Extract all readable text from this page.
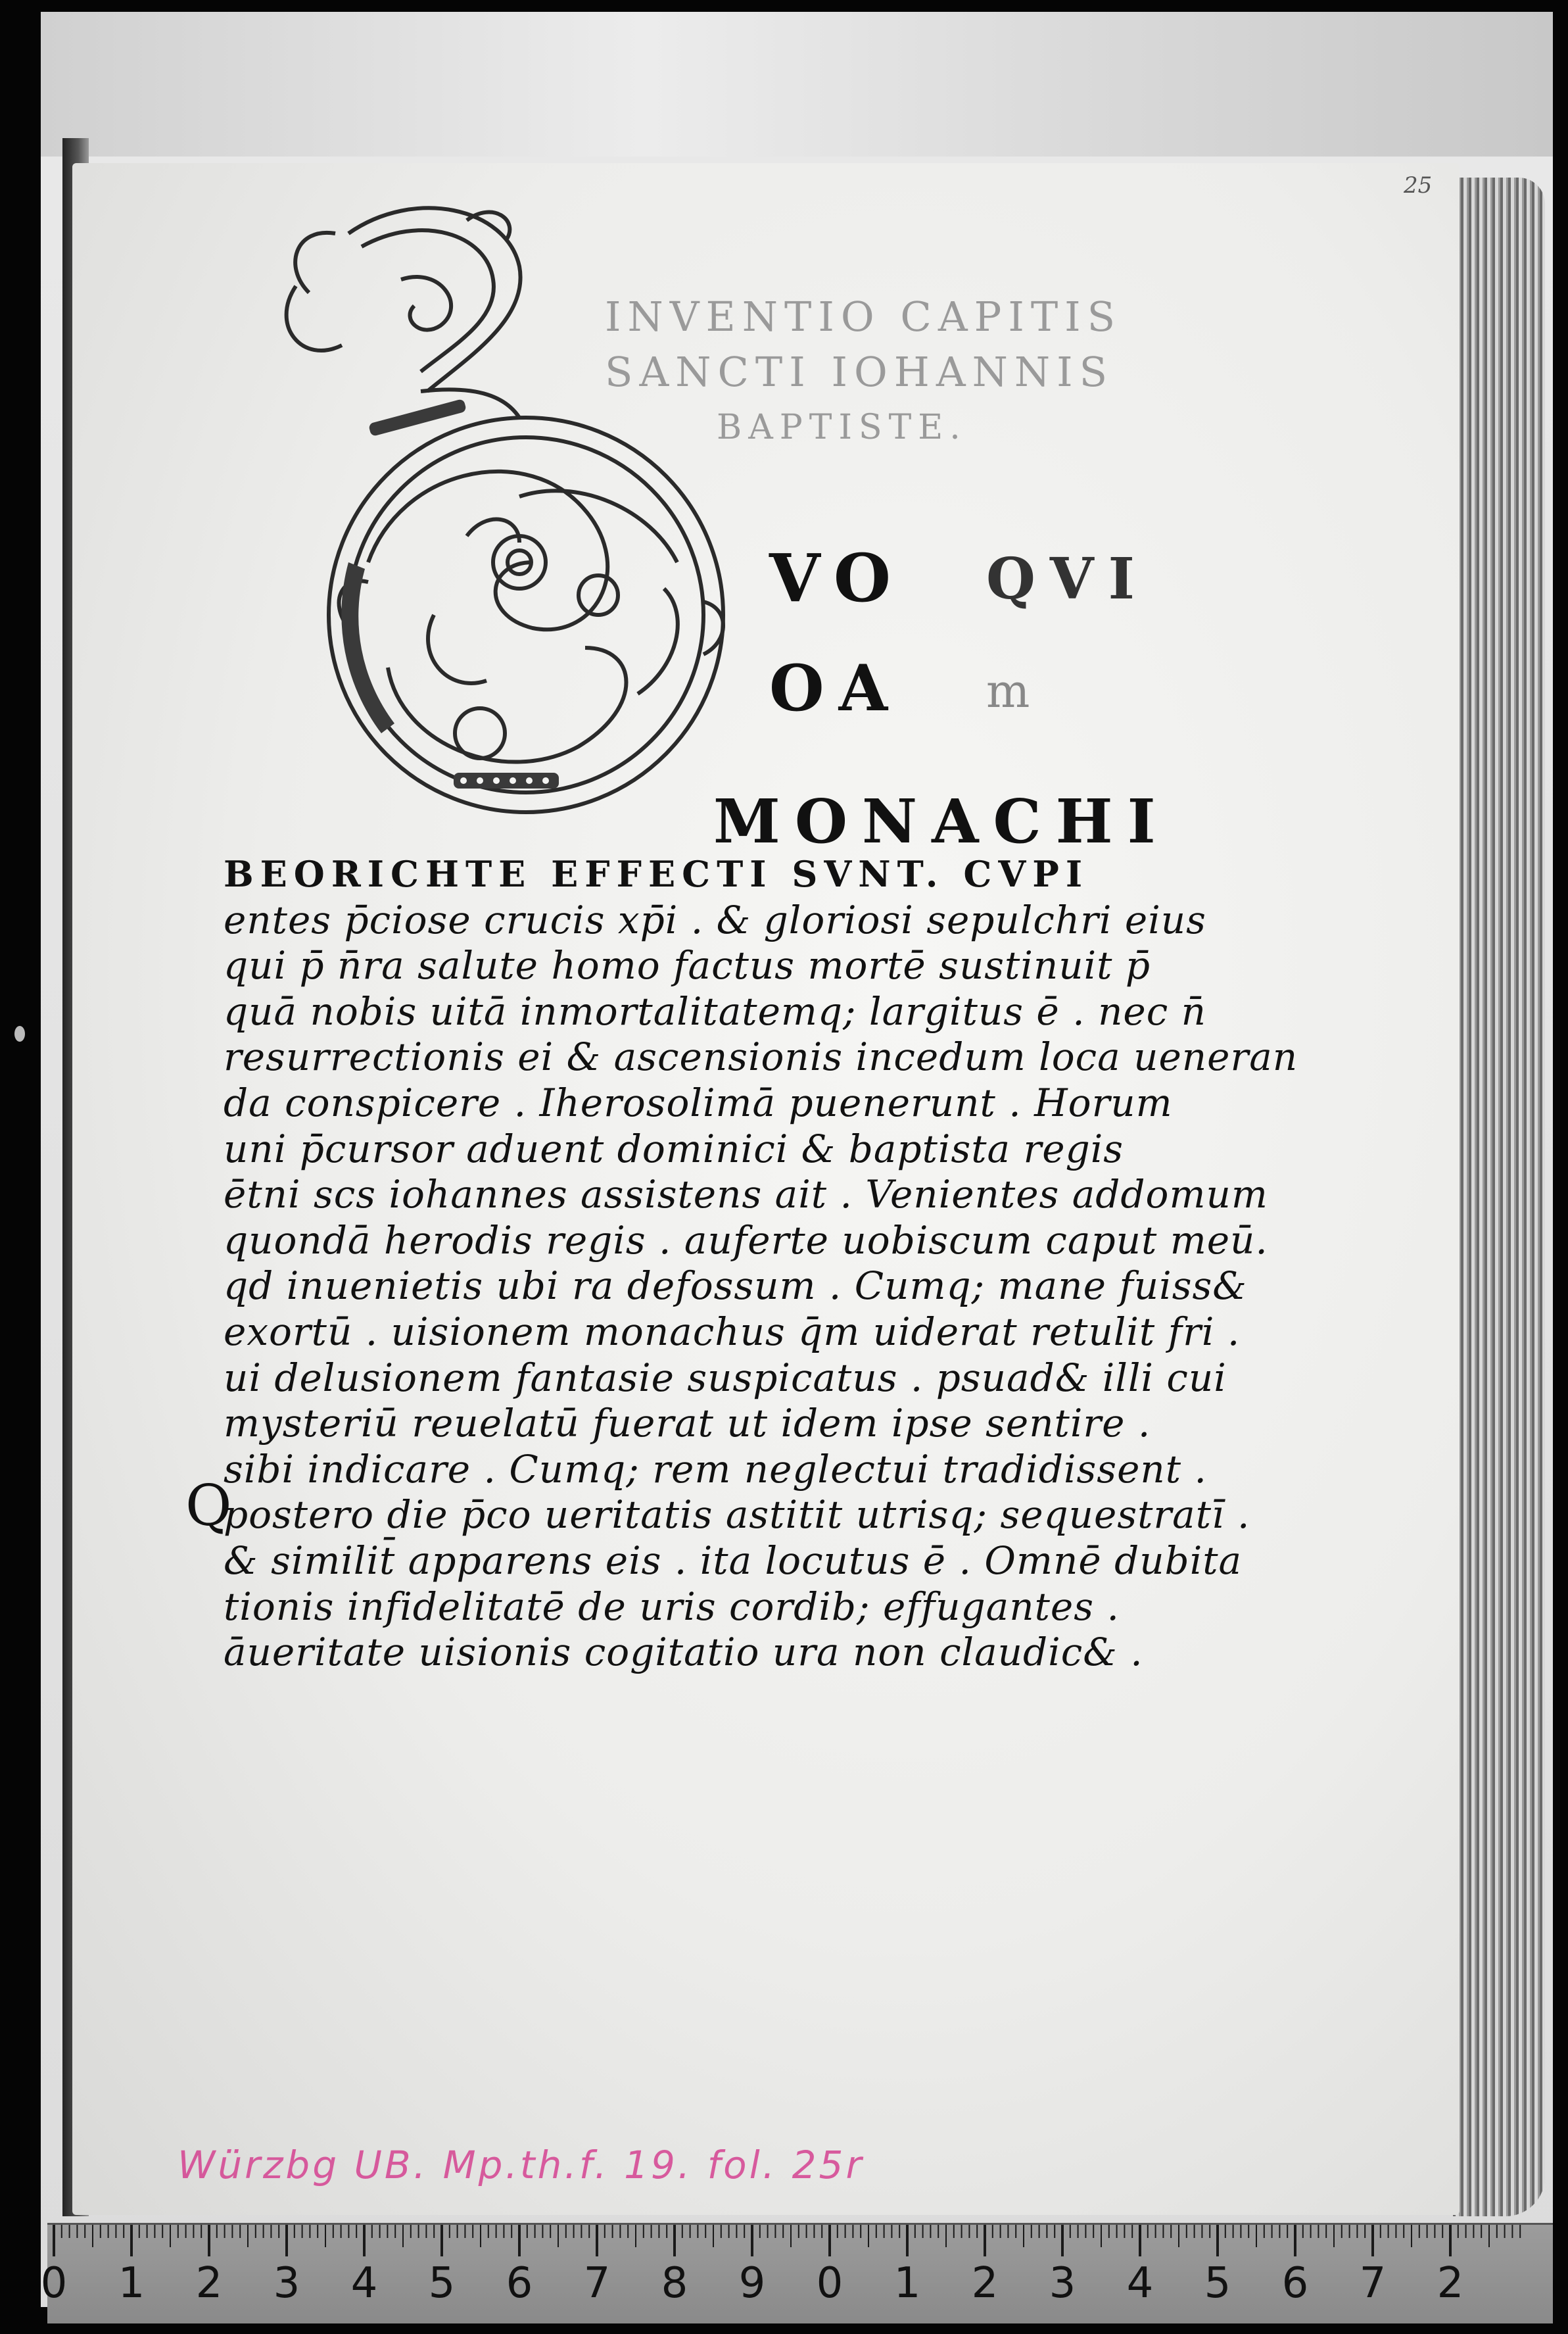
25
INVENTIO CAPITIS
SANCTI IOHANNIS
BAPTISTE.
VO QVI
OA m
MONACHI
Q
BEORICHTE EFFECTI SVNT. CVPI
entes p̄ciose crucis xp̄i . & gloriosi sepulchri eius
qui p̄ n̄ra salute homo factus mortē sustinuit p̄
quā nobis uitā inmortalitatemq; largitus ē . nec n̄
resurrectionis ei & ascensionis incedum loca ueneran
da conspicere . Iherosolimā puenerunt . Horum
uni p̄cursor aduent dominici & baptista regis
ētni scs iohannes assistens ait . Venientes addomum
quondā herodis regis . auferte uobiscum caput meū.
qd inuenietis ubi ra defossum . Cumq; mane fuiss&
exortū . uisionem monachus q̄m uiderat retulit fri .
ui delusionem fantasie suspicatus . psuad& illi cui
mysteriū reuelatū fuerat ut idem ipse sentire .
sibi indicare . Cumq; rem neglectui tradidissent .
postero die p̄co ueritatis astitit utrisq; sequestratī .
& similit̄ apparens eis . ita locutus ē . Omnē dubita
tionis infidelitatē de uris cordib; effugantes .
āueritate uisionis cogitatio ura non claudic& .
Würzbg UB. Mp.th.f. 19. fol. 25r
0 1 2 3 4 5 6 7 8 9 0 1 2 3 4 5 6 7 2
